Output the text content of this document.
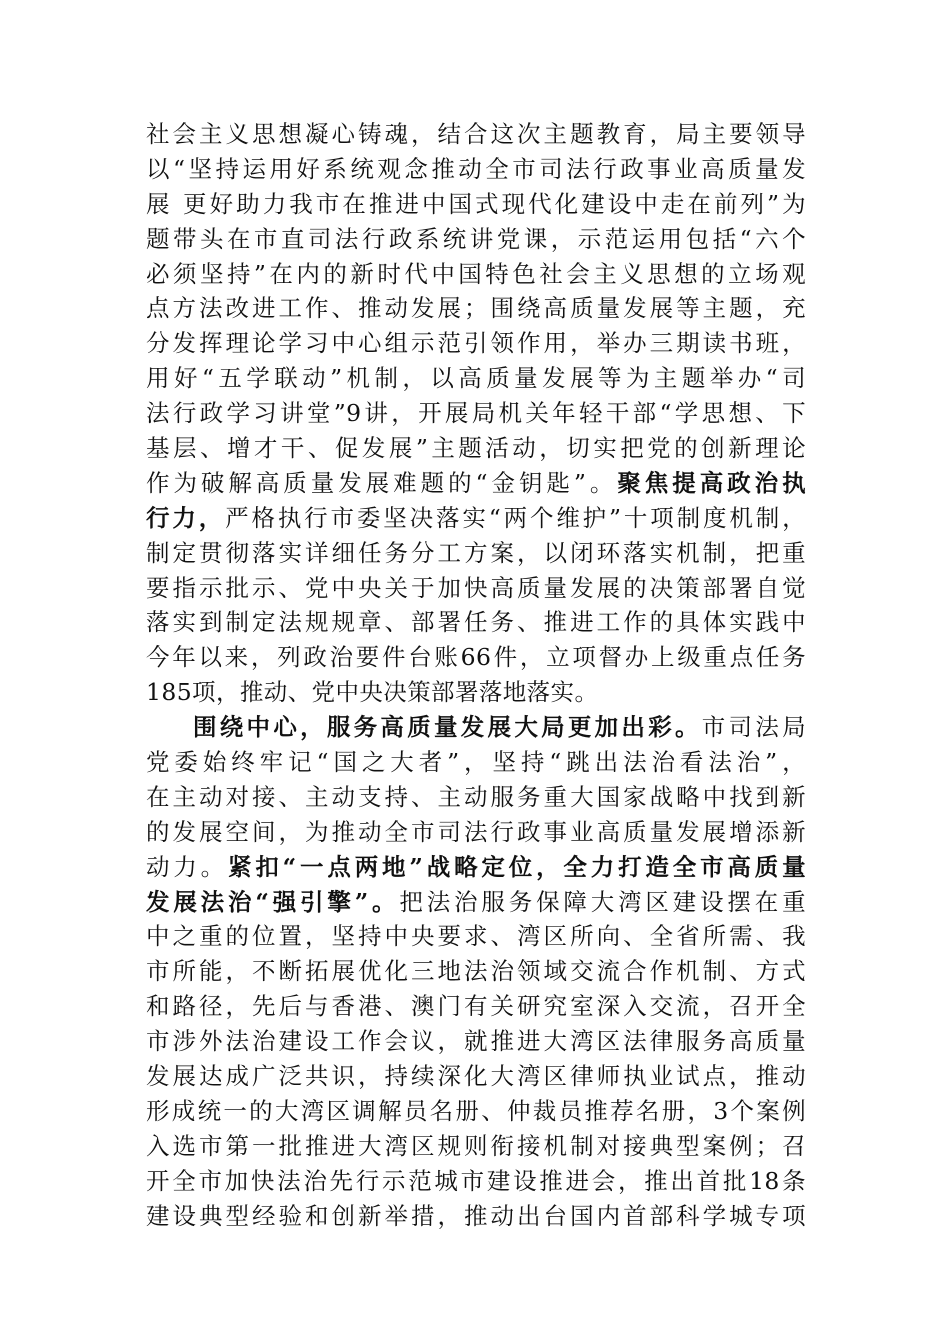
社会主义思想凝心铸魂，结合这次主题教育，局主要领导
以“坚持运用好系统观念推动全市司法行政事业高质量发
展 更好助力我市在推进中国式现代化建设中走在前列”为
题带头在市直司法行政系统讲党课，示范运用包括“六个
必须坚持”在内的新时代中国特色社会主义思想的立场观
点方法改进工作、推动发展；围绕高质量发展等主题，充
分发挥理论学习中心组示范引领作用，举办三期读书班，
用好“五学联动”机制，以高质量发展等为主题举办“司
法行政学习讲堂”9讲，开展局机关年轻干部“学思想、下
基层、增才干、促发展”主题活动，切实把党的创新理论
作为破解高质量发展难题的“金钥匙”。聚焦提高政治执
行力，严格执行市委坚决落实“两个维护”十项制度机制，
制定贯彻落实详细任务分工方案，以闭环落实机制，把重
要指示批示、党中央关于加快高质量发展的决策部署自觉
落实到制定法规规章、部署任务、推进工作的具体实践中
今年以来，列政治要件台账66件，立项督办上级重点任务
185项，推动、党中央决策部署落地落实。
围绕中心，服务高质量发展大局更加出彩。市司法局
党委始终牢记“国之大者”，坚持“跳出法治看法治”，
在主动对接、主动支持、主动服务重大国家战略中找到新
的发展空间，为推动全市司法行政事业高质量发展增添新
动力。紧扣“一点两地”战略定位，全力打造全市高质量
发展法治“强引擎”。把法治服务保障大湾区建设摆在重
中之重的位置，坚持中央要求、湾区所向、全省所需、我
市所能，不断拓展优化三地法治领域交流合作机制、方式
和路径，先后与香港、澳门有关研究室深入交流，召开全
市涉外法治建设工作会议，就推进大湾区法律服务高质量
发展达成广泛共识，持续深化大湾区律师执业试点，推动
形成统一的大湾区调解员名册、仲裁员推荐名册，3个案例
入选市第一批推进大湾区规则衔接机制对接典型案例；召
开全市加快法治先行示范城市建设推进会，推出首批18条
建设典型经验和创新举措，推动出台国内首部科学城专项
